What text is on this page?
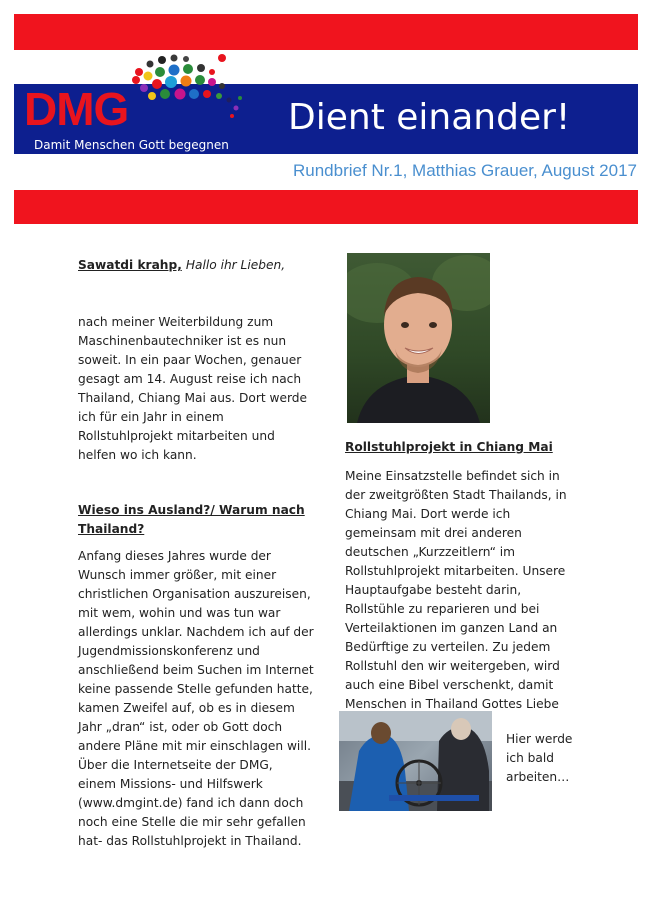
DMG
Damit Menschen Gott begegnen
Dient einander!
Rundbrief Nr.1, Matthias Grauer, August 2017

Sawatdi krahp, Hallo ihr Lieben,

nach meiner Weiterbildung zum Maschinenbautechniker ist es nun soweit. In ein paar Wochen, genauer gesagt am 14. August reise ich nach Thailand, Chiang Mai aus. Dort werde ich für ein Jahr in einem Rollstuhlprojekt mitarbeiten und helfen wo ich kann.

Wieso ins Ausland?/ Warum nach Thailand?

Anfang dieses Jahres wurde der Wunsch immer größer, mit einer christlichen Organisation auszureisen, mit wem, wohin und was tun war allerdings unklar. Nachdem ich auf der Jugendmissionskonferenz und anschließend beim Suchen im Internet keine passende Stelle gefunden hatte, kamen Zweifel auf, ob es in diesem Jahr „dran“ ist, oder ob Gott doch andere Pläne mit mir einschlagen will. Über die Internetseite der DMG, einem Missions- und Hilfswerk (www.dmgint.de) fand ich dann doch noch eine Stelle die mir sehr gefallen hat- das Rollstuhlprojekt in Thailand.

Rollstuhlprojekt in Chiang Mai

Meine Einsatzstelle befindet sich in der zweitgrößten Stadt Thailands, in Chiang Mai. Dort werde ich gemeinsam mit drei anderen deutschen „Kurzzeitlern“ im Rollstuhlprojekt mitarbeiten. Unsere Hauptaufgabe besteht darin, Rollstühle zu reparieren und bei Verteilaktionen im ganzen Land an Bedürftige zu verteilen. Zu jedem Rollstuhl den wir weitergeben, wird auch eine Bibel verschenkt, damit Menschen in Thailand Gottes Liebe

Hier werde ich bald arbeiten…
